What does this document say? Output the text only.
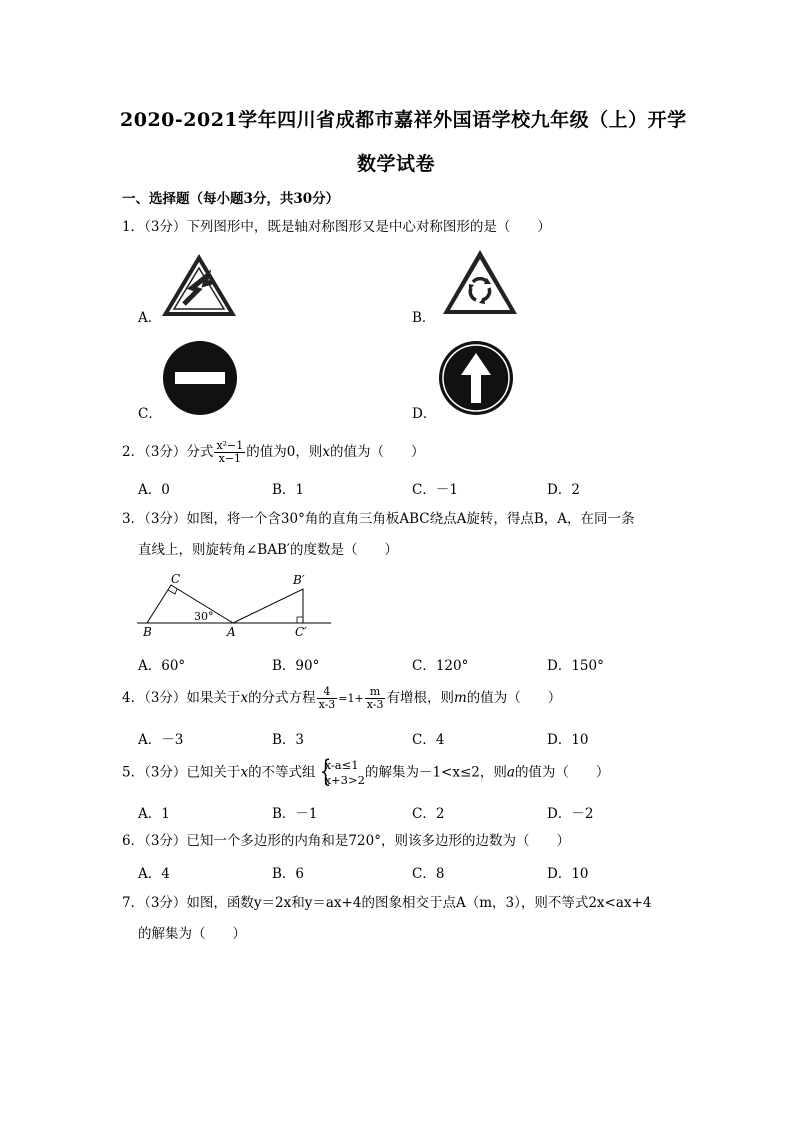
2020-2021学年四川省成都市嘉祥外国语学校九年级（上）开学
数学试卷
一、选择题（每小题3分，共30分）
1．（3分）下列图形中，既是轴对称图形又是中心对称图形的是（　　）
A．	B．
C．	D．
2．（3分）分式 $\frac{\text{x²−1}}{x-1}$ 的值为0，则x的值为（　　）
A．0	B．1	C．－1	D．2
3．（3分）如图，将一个含30°角的直角三角板ABC绕点A旋转，得点B，A，在同一条
直线上，则旋转角∠BAB′的度数是（　　）
C
B	A
B′
C′
30°
A．60°	B．90°	C．120°	D．150°
4．（3分）如果关于x的分式方程 $\frac{4}{x-3} =1+ \frac{m}{x-3}$ 有增根，则m的值为（　　）
A．－3	B．3	C．4	D．10
5．（3分）已知关于x的不等式组 {
x-a≤1
x+3>2 的解集为－1<x≤2，则a的值为（　　）
A．1	B．－1	C．2	D．－2
6．（3分）已知一个多边形的内角和是720°，则该多边形的边数为（　　）
A．4	B．6	C．8	D．10
7．（3分）如图，函数y＝2x和y＝ax+4的图象相交于点A（m，3），则不等式2x<ax+4
的解集为（　　）
